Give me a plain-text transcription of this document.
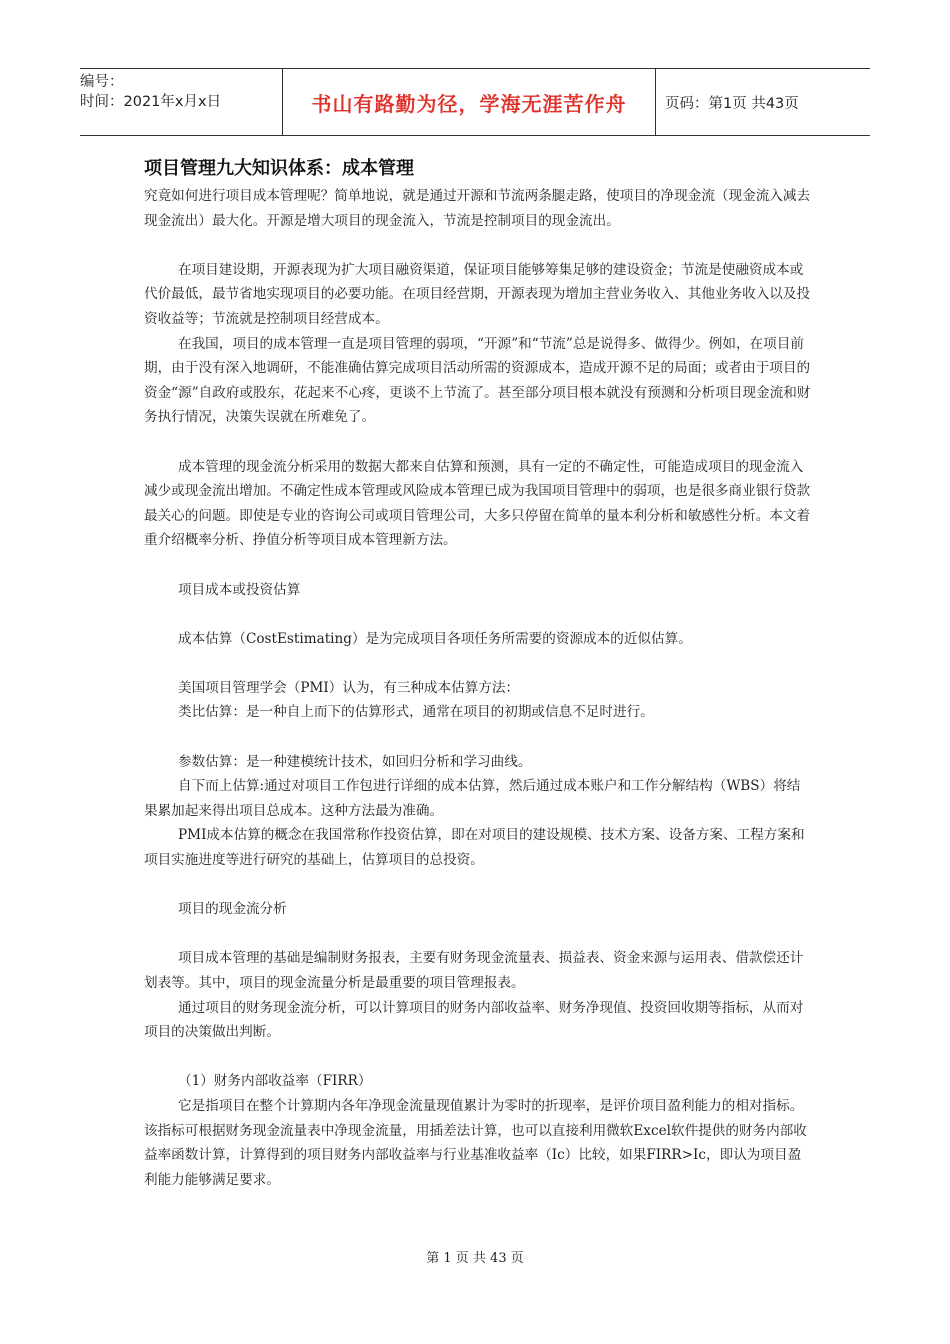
编号：
时间：2021年x月x日	书山有路勤为径，学海无涯苦作舟	页码：第1页 共43页
项目管理九大知识体系：成本管理

究竟如何进行项目成本管理呢？简单地说，就是通过开源和节流两条腿走路，使项目的净现金流（现金流入减去现金流出）最大化。开源是增大项目的现金流入，节流是控制项目的现金流出。

在项目建设期，开源表现为扩大项目融资渠道，保证项目能够筹集足够的建设资金；节流是使融资成本或代价最低，最节省地实现项目的必要功能。在项目经营期，开源表现为增加主营业务收入、其他业务收入以及投资收益等；节流就是控制项目经营成本。

在我国，项目的成本管理一直是项目管理的弱项，“开源”和“节流”总是说得多、做得少。例如，在项目前期，由于没有深入地调研，不能准确估算完成项目活动所需的资源成本，造成开源不足的局面；或者由于项目的资金“源”自政府或股东，花起来不心疼，更谈不上节流了。甚至部分项目根本就没有预测和分析项目现金流和财务执行情况，决策失误就在所难免了。

成本管理的现金流分析采用的数据大都来自估算和预测，具有一定的不确定性，可能造成项目的现金流入减少或现金流出增加。不确定性成本管理或风险成本管理已成为我国项目管理中的弱项，也是很多商业银行贷款最关心的问题。即使是专业的咨询公司或项目管理公司，大多只停留在简单的量本利分析和敏感性分析。本文着重介绍概率分析、挣值分析等项目成本管理新方法。

项目成本或投资估算

成本估算（CostEstimating）是为完成项目各项任务所需要的资源成本的近似估算。

美国项目管理学会（PMI）认为，有三种成本估算方法：

类比估算：是一种自上而下的估算形式，通常在项目的初期或信息不足时进行。

参数估算：是一种建模统计技术，如回归分析和学习曲线。

自下而上估算:通过对项目工作包进行详细的成本估算，然后通过成本账户和工作分解结构（WBS）将结果累加起来得出项目总成本。这种方法最为准确。

PMI成本估算的概念在我国常称作投资估算，即在对项目的建设规模、技术方案、设备方案、工程方案和项目实施进度等进行研究的基础上，估算项目的总投资。

项目的现金流分析

项目成本管理的基础是编制财务报表，主要有财务现金流量表、损益表、资金来源与运用表、借款偿还计划表等。其中，项目的现金流量分析是最重要的项目管理报表。

通过项目的财务现金流分析，可以计算项目的财务内部收益率、财务净现值、投资回收期等指标，从而对项目的决策做出判断。

（1）财务内部收益率（FIRR）

它是指项目在整个计算期内各年净现金流量现值累计为零时的折现率，是评价项目盈利能力的相对指标。该指标可根据财务现金流量表中净现金流量，用插差法计算，也可以直接利用微软Excel软件提供的财务内部收益率函数计算，计算得到的项目财务内部收益率与行业基准收益率（Ic）比较，如果FIRR>Ic，即认为项目盈利能力能够满足要求。

第 1 页 共 43 页
